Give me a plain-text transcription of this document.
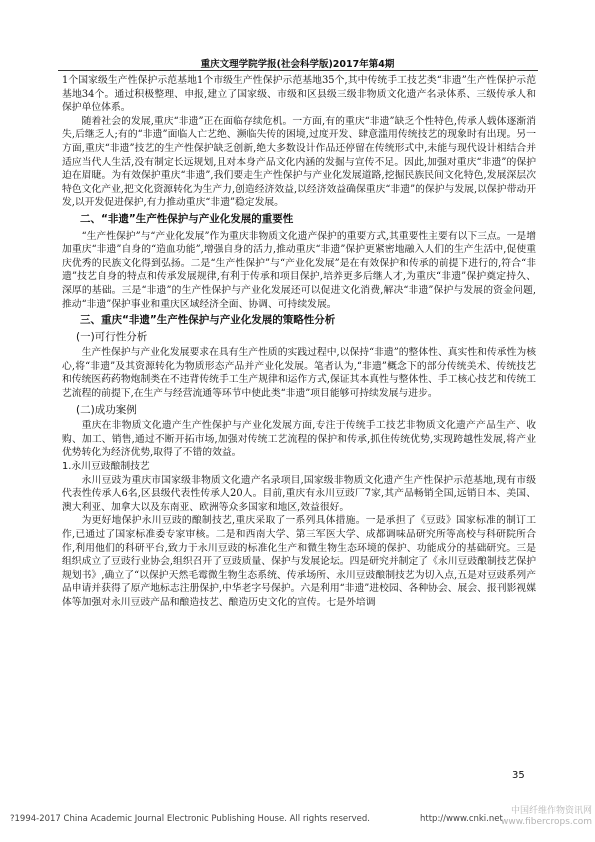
重庆文理学院学报(社会科学版)2017年第4期

1个国家级生产性保护示范基地1个市级生产性保护示范基地35个,其中传统手工技艺类“非遗”生产性保护示范基地34个。通过积极整理、申报,建立了国家级、市级和区县级三级非物质文化遗产名录体系、三级传承人和保护单位体系。

随着社会的发展,重庆“非遗”正在面临存续危机。一方面,有的重庆“非遗”缺乏个性特色,传承人载体逐渐消失,后继乏人;有的“非遗”面临人亡艺绝、濒临失传的困境,过度开发、肆意滥用传统技艺的现象时有出现。另一方面,重庆“非遗”技艺的生产性保护缺乏创新,绝大多数设计作品还停留在传统形式中,未能与现代设计相结合并适应当代人生活,没有制定长远规划,且对本身产品文化内涵的发掘与宣传不足。因此,加强对重庆“非遗”的保护迫在眉睫。为有效保护重庆“非遗”,我们要走生产性保护与产业化发展道路,挖掘民族民间文化特色,发展深层次特色文化产业,把文化资源转化为生产力,创造经济效益,以经济效益确保重庆“非遗”的保护与发展,以保护带动开发,以开发促进保护,有力推动重庆“非遗”稳定发展。

二、“非遗”生产性保护与产业化发展的重要性

“生产性保护”与“产业化发展”作为重庆非物质文化遗产保护的重要方式,其重要性主要有以下三点。一是增加重庆“非遗”自身的“造血功能”,增强自身的活力,推动重庆“非遗”保护更紧密地融入人们的生产生活中,促使重庆优秀的民族文化得到弘扬。二是“生产性保护”与“产业化发展”是在有效保护和传承的前提下进行的,符合“非遗”技艺自身的特点和传承发展规律,有利于传承和项目保护,培养更多后继人才,为重庆“非遗”保护奠定持久、深厚的基础。三是“非遗”的生产性保护与产业化发展还可以促进文化消费,解决“非遗”保护与发展的资金问题,推动“非遗”保护事业和重庆区域经济全面、协调、可持续发展。

三、重庆“非遗”生产性保护与产业化发展的策略性分析
(一)可行性分析

生产性保护与产业化发展要求在具有生产性质的实践过程中,以保持“非遗”的整体性、真实性和传承性为核心,将“非遗”及其资源转化为物质形态产品并产业化发展。笔者认为,“非遗”概念下的部分传统美术、传统技艺和传统医药药物炮制类在不违背传统手工生产规律和运作方式,保证其本真性与整体性、手工核心技艺和传统工艺流程的前提下,在生产与经营流通等环节中使此类“非遗”项目能够可持续发展与进步。

(二)成功案例

重庆在非物质文化遗产生产性保护与产业化发展方面,专注于传统手工技艺非物质文化遗产产品生产、收购、加工、销售,通过不断开拓市场,加强对传统工艺流程的保护和传承,抓住传统优势,实现跨越性发展,将产业优势转化为经济优势,取得了不错的效益。

1.永川豆豉酿制技艺

永川豆豉为重庆市国家级非物质文化遗产名录项目,国家级非物质文化遗产生产性保护示范基地,现有市级代表性传承人6名,区县级代表性传承人20人。目前,重庆有永川豆豉厂7家,其产品畅销全国,远销日本、美国、澳大利亚、加拿大以及东南亚、欧洲等众多国家和地区,效益很好。

为更好地保护永川豆豉的酿制技艺,重庆采取了一系列具体措施。一是承担了《豆豉》国家标准的制订工作,已通过了国家标准委专家审核。二是和西南大学、第三军医大学、成都调味品研究所等高校与科研院所合作,利用他们的科研平台,致力于永川豆豉的标准化生产和微生物生态环境的保护、功能成分的基础研究。三是组织成立了豆豉行业协会,组织召开了豆豉质量、保护与发展论坛。四是研究并制定了《永川豆豉酿制技艺保护规划书》,确立了“以保护天然毛霉微生物生态系统、传承场所、永川豆豉酿制技艺为切入点,五是对豆豉系列产品申请并获得了原产地标志注册保护,中华老字号保护。六是利用“非遗”进校园、各种协会、展会、报刊影视媒体等加强对永川豆豉产品和酿造技艺、酿造历史文化的宣传。七是外培调

35
?1994-2017 China Academic Journal Electronic Publishing House. All rights reserved.	http://www.cnki.net
中国纤维作物资讯网
www.fibercrops.com
